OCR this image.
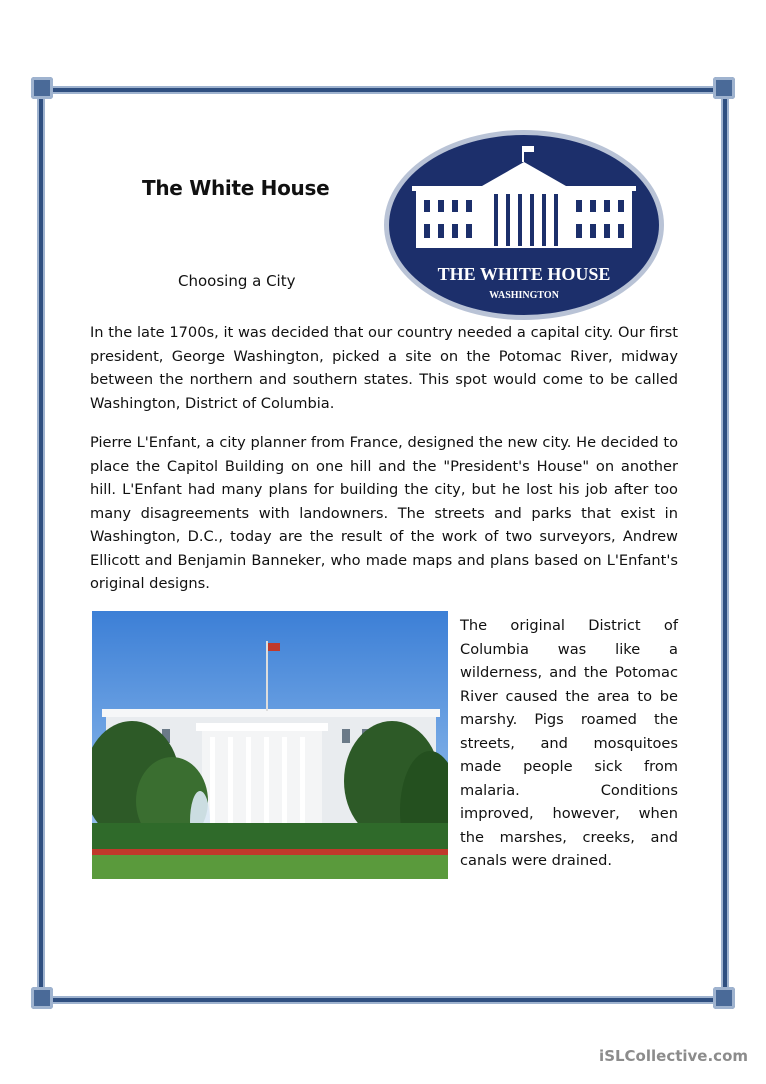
The White House
Choosing a City	THE WHITE HOUSE
WASHINGTON

In the late 1700s, it was decided that our country needed a capital city. Our first president, George Washington, picked a site on the Potomac River, midway between the northern and southern states. This spot would come to be called Washington, District of Columbia.

Pierre L'Enfant, a city planner from France, designed the new city. He decided to place the Capitol Building on one hill and the "President's House" on another hill. L'Enfant had many plans for building the city, but he lost his job after too many disagreements with landowners. The streets and parks that exist in Washington, D.C., today are the result of the work of two surveyors, Andrew Ellicott and Benjamin Banneker, who made maps and plans based on L'Enfant's original designs.

The original District of Columbia was like a wilderness, and the Potomac River caused the area to be marshy. Pigs roamed the streets, and mosquitoes made people sick from malaria. Conditions improved, however, when the marshes, creeks, and canals were drained.

iSLCollective.com
